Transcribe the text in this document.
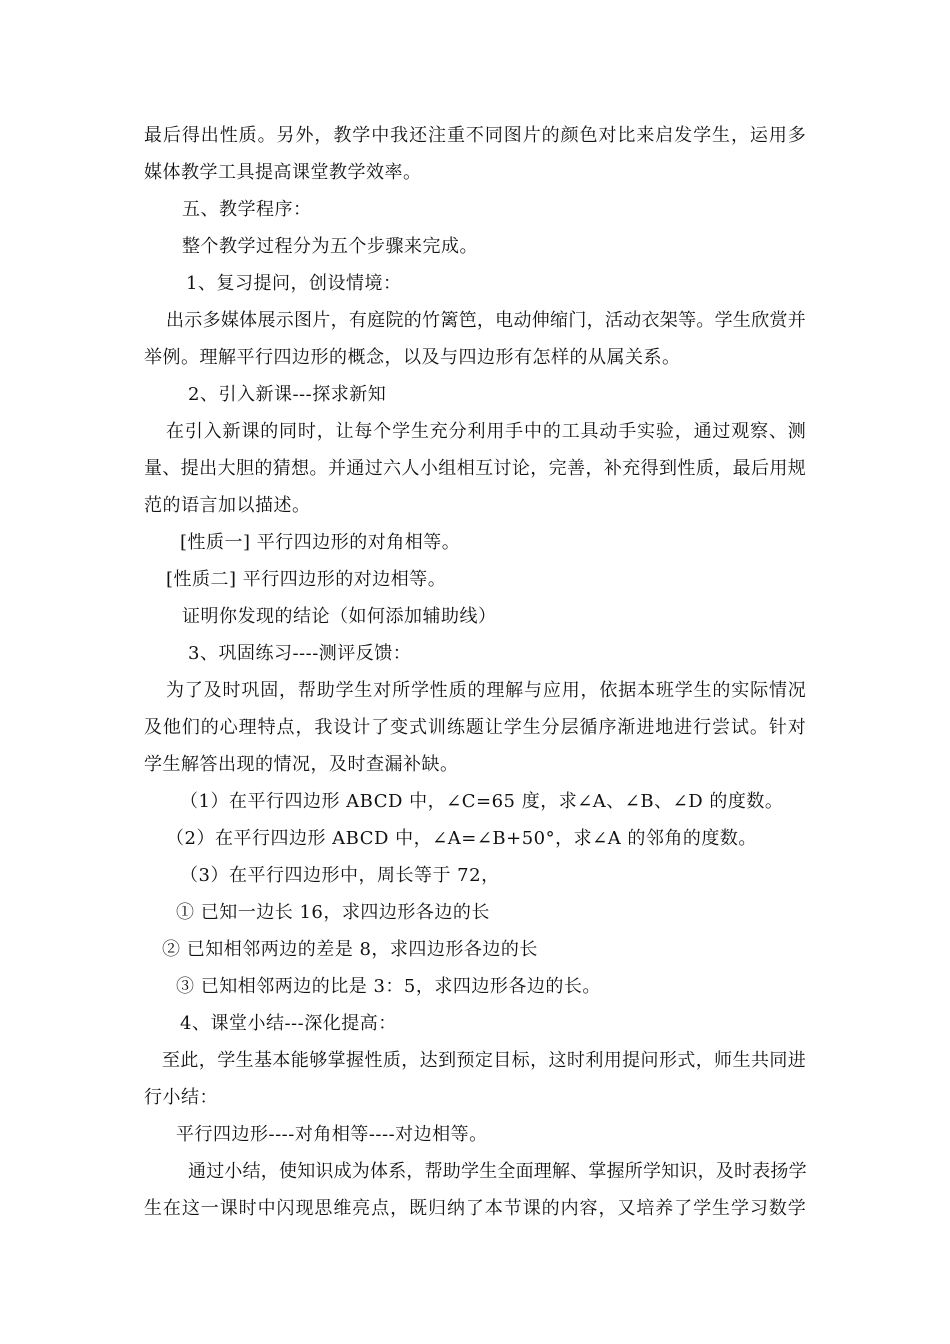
最后得出性质。另外，教学中我还注重不同图片的颜色对比来启发学生，运用多
媒体教学工具提高课堂教学效率。
五、教学程序：
整个教学过程分为五个步骤来完成。
1、复习提问，创设情境：
出示多媒体展示图片，有庭院的竹篱笆，电动伸缩门，活动衣架等。学生欣赏并
举例。理解平行四边形的概念，以及与四边形有怎样的从属关系。
2、引入新课---探求新知
在引入新课的同时，让每个学生充分利用手中的工具动手实验，通过观察、测
量、提出大胆的猜想。并通过六人小组相互讨论，完善，补充得到性质，最后用规
范的语言加以描述。
[性质一] 平行四边形的对角相等。
[性质二] 平行四边形的对边相等。
证明你发现的结论（如何添加辅助线）
3、巩固练习----测评反馈：
为了及时巩固，帮助学生对所学性质的理解与应用，依据本班学生的实际情况
及他们的心理特点，我设计了变式训练题让学生分层循序渐进地进行尝试。针对
学生解答出现的情况，及时查漏补缺。
（1）在平行四边形 ABCD 中，∠C=65 度，求∠A、∠B、∠D 的度数。
（2）在平行四边形 ABCD 中，∠A=∠B+50°，求∠A 的邻角的度数。
（3）在平行四边形中，周长等于 72，
① 已知一边长 16，求四边形各边的长
② 已知相邻两边的差是 8，求四边形各边的长
③ 已知相邻两边的比是 3：5，求四边形各边的长。
4、课堂小结---深化提高：
至此，学生基本能够掌握性质，达到预定目标，这时利用提问形式，师生共同进
行小结：
平行四边形----对角相等----对边相等。
通过小结，使知识成为体系，帮助学生全面理解、掌握所学知识，及时表扬学
生在这一课时中闪现思维亮点，既归纳了本节课的内容，又培养了学生学习数学
